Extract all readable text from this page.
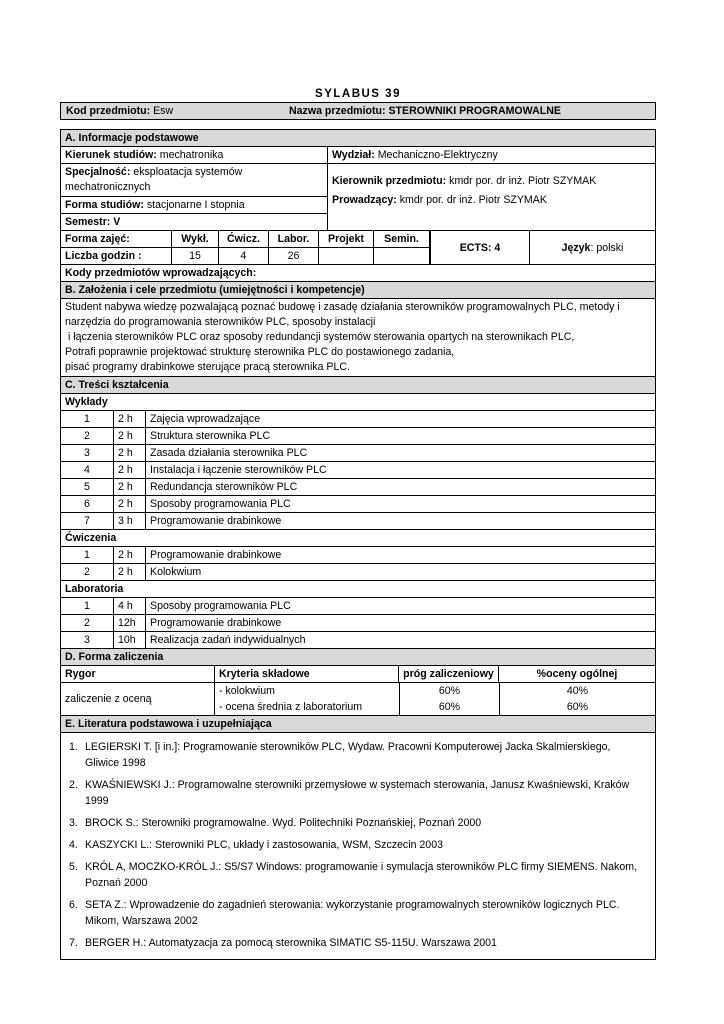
SYLABUS 39
Kod przedmiotu: Esw	Nazwa przedmiotu: STEROWNIKI PROGRAMOWALNE
A. Informacje podstawowe
Kierunek studiów: mechatronika
Specjalność: eksploatacja systemów
mechatronicznych
Forma studiów: stacjonarne I stopnia
Semestr: V
Wydział: Mechaniczno-Elektryczny
Kierownik przedmiotu: kmdr por. dr inż. Piotr SZYMAK
Prowadzący: kmdr por. dr inż. Piotr SZYMAK
Forma zajęć:	Wykł.	Ćwicz.	Labor.	Projekt	Semin.
Liczba godzin :	15	4	26
ECTS: 4	Język : polski
Kody przedmiotów wprowadzających:
B. Założenia i cele przedmiotu (umiejętności i kompetencje)
Student nabywa wiedzę pozwalającą poznać budowę i zasadę działania sterowników programowalnych PLC, metody i
narzędzia do programowania sterowników PLC, sposoby instalacji
i łączenia sterowników PLC oraz sposoby redundancji systemów sterowania opartych na sterownikach PLC,
Potrafi poprawnie projektować strukturę sterownika PLC do postawionego zadania,
pisać programy drabinkowe sterujące pracą sterownika PLC.
C. Treści kształcenia
Wykłady
1	2 h	Zajęcia wprowadzające
2	2 h	Struktura sterownika PLC
3	2 h	Zasada działania sterownika PLC
4	2 h	Instalacja i łączenie sterowników PLC
5	2 h	Redundancja sterowników PLC
6	2 h	Sposoby programowania PLC
7	3 h	Programowanie drabinkowe
Ćwiczenia
1	2 h	Programowanie drabinkowe
2	2 h	Kolokwium
Laboratoria
1	4 h	Sposoby programowania PLC
2	12h	Programowanie drabinkowe
3	10h	Realizacja zadań indywidualnych
D. Forma zaliczenia
Rygor	Kryteria składowe	próg zaliczeniowy	%oceny ogólnej
zaliczenie z oceną
- kolokwium	60%	40%
- ocena średnia z laboratorium	60%	60%
E. Literatura podstawowa i uzupełniająca
1. LEGIERSKI T. [i in.]: Programowanie sterowników PLC, Wydaw. Pracowni Komputerowej Jacka Skalmierskiego, Gliwice 1998
2. KWAŚNIEWSKI J.: Programowalne sterowniki przemysłowe w systemach sterowania, Janusz Kwaśniewski, Kraków 1999
3. BROCK S.: Sterowniki programowalne. Wyd. Politechniki Poznańskiej, Poznań 2000
4. KASZYCKI L.: Sterowniki PLC, układy i zastosowania, WSM, Szczecin 2003
5. KRÓL A, MOCZKO-KRÓL J.: S5/S7 Windows: programowanie i symulacja sterowników PLC firmy SIEMENS. Nakom, Poznań 2000
6. SETA Z.: Wprowadzenie do zagadnień sterowania: wykorzystanie programowalnych sterowników logicznych PLC. Mikom, Warszawa 2002
7. BERGER H.: Automatyzacja za pomocą sterownika SIMATIC S5-115U. Warszawa 2001
